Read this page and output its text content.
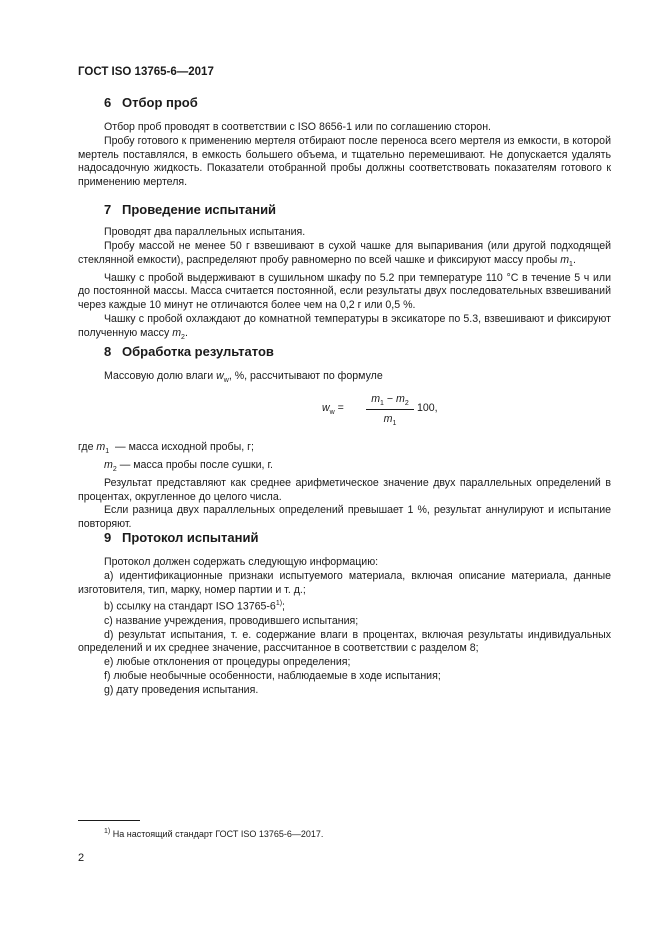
ГОСТ ISO 13765-6—2017
6 Отбор проб

Отбор проб проводят в соответствии с ISO 8656-1 или по соглашению сторон.

Пробу готового к применению мертеля отбирают после переноса всего мертеля из емкости, в которой мертель поставлялся, в емкость большего объема, и тщательно перемешивают. Не допускается удалять надосадочную жидкость. Показатели отобранной пробы должны соответствовать показателям готового к применению мертеля.

7 Проведение испытаний

Проводят два параллельных испытания.

Пробу массой не менее 50 г взвешивают в сухой чашке для выпаривания (или другой подходящей стеклянной емкости), распределяют пробу равномерно по всей чашке и фиксируют массу пробы $m_1$.

Чашку с пробой выдерживают в сушильном шкафу по 5.2 при температуре 110 °C в течение 5 ч или до постоянной массы. Масса считается постоянной, если результаты двух последовательных взвешиваний через каждые 10 минут не отличаются более чем на 0,2 г или 0,5 %.

Чашку с пробой охлаждают до комнатной температуры в эксикаторе по 5.3, взвешивают и фиксируют полученную массу $m_2$.

8 Обработка результатов

Массовую долю влаги $w_w$, %, рассчитывают по формуле

$w_w = \frac{m_1 - m_2}{m_1} 100$,

где $m_1$ — масса исходной пробы, г;

$m_2$ — масса пробы после сушки, г.

Результат представляют как среднее арифметическое значение двух параллельных определений в процентах, округленное до целого числа.

Если разница двух параллельных определений превышает 1 %, результат аннулируют и испытание повторяют.

9 Протокол испытаний

Протокол должен содержать следующую информацию:

a) идентификационные признаки испытуемого материала, включая описание материала, данные изготовителя, тип, марку, номер партии и т. д.;

b) ссылку на стандарт ISO 13765-6$^{1)}$;

c) название учреждения, проводившего испытания;

d) результат испытания, т. е. содержание влаги в процентах, включая результаты индивидуальных определений и их среднее значение, рассчитанное в соответствии с разделом 8;

e) любые отклонения от процедуры определения;

f) любые необычные особенности, наблюдаемые в ходе испытания;

g) дату проведения испытания.

$^{1)}$ На настоящий стандарт ГОСТ ISO 13765-6—2017.
2
